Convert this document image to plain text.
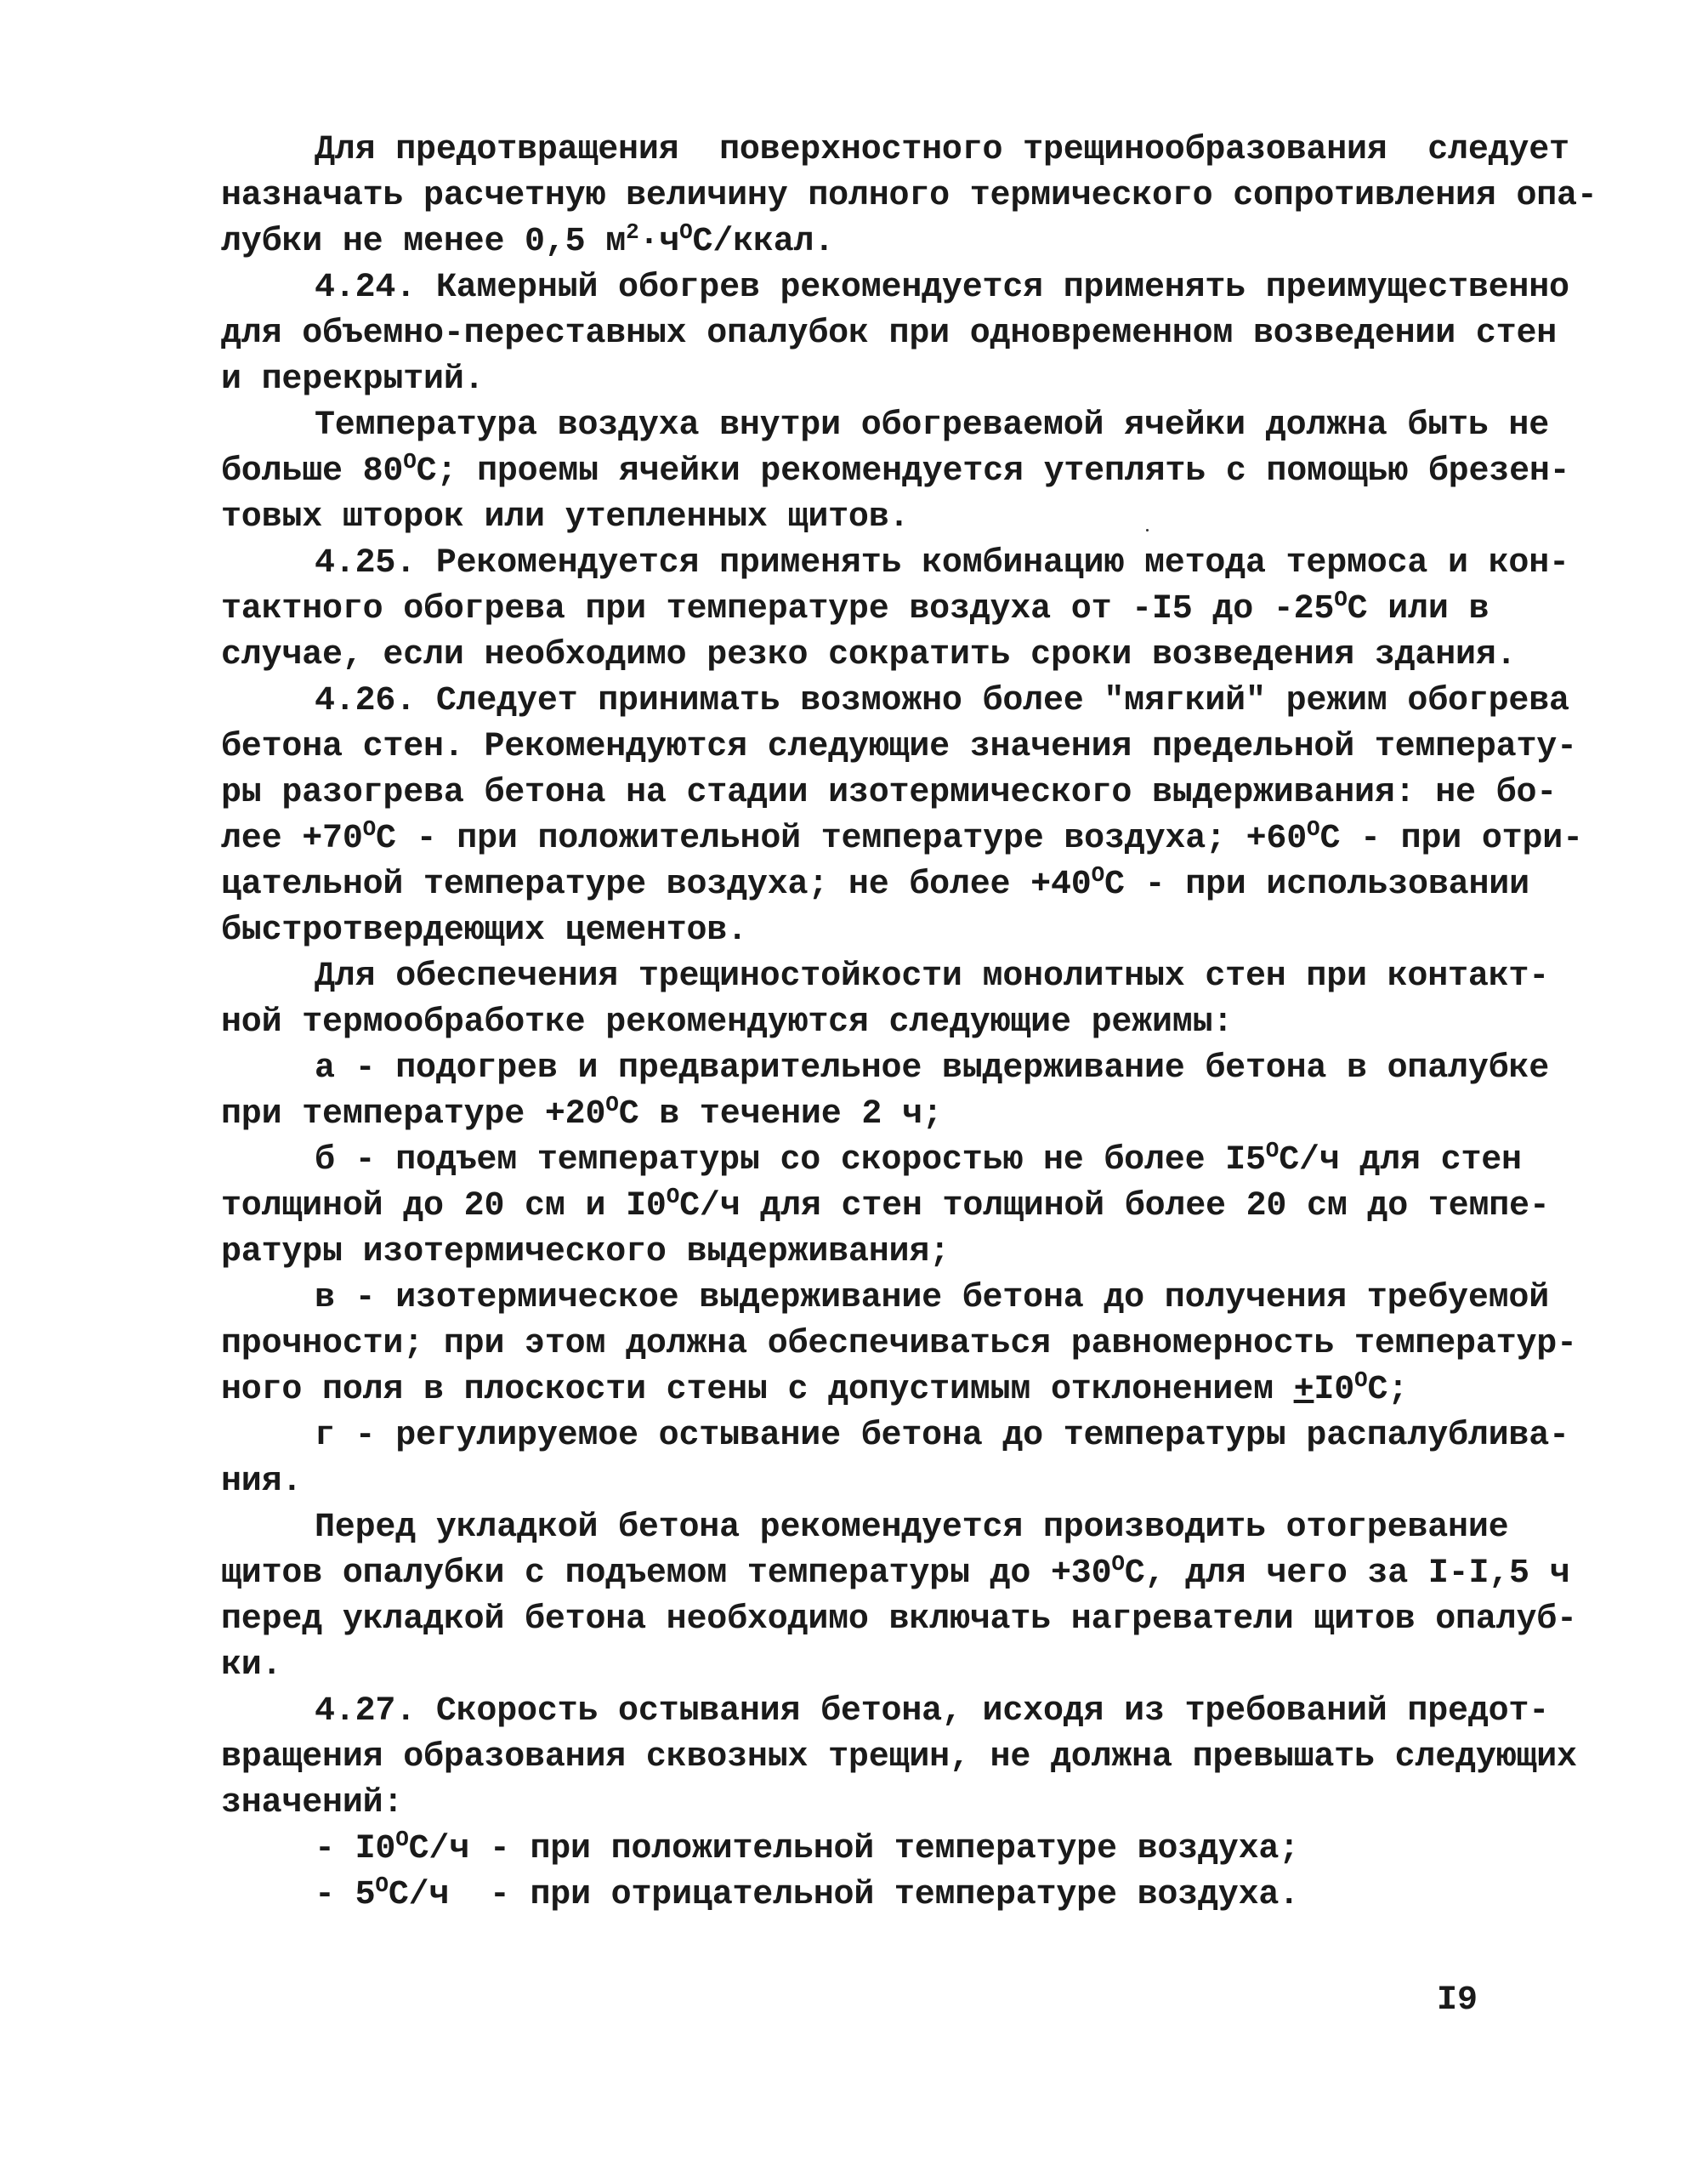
Для предотвращения  поверхностного трещинообразования  следует
назначать расчетную величину полного термического сопротивления опа-
лубки не менее 0,5 $м^2\cdot ч^ОС$/ккал.
4.24. Камерный обогрев рекомендуется применять преимущественно
для объемно-переставных опалубок при одновременном возведении стен
и перекрытий.
Температура воздуха внутри обогреваемой ячейки должна быть не
больше $80^ОС$; проемы ячейки рекомендуется утеплять с помощью брезен-
товых шторок или утепленных щитов.
4.25. Рекомендуется применять комбинацию метода термоса и кон-
тактного обогрева при температуре воздуха от -I5 до $-25^ОС$ или в
случае, если необходимо резко сократить сроки возведения здания.
4.26. Следует принимать возможно более "мягкий" режим обогрева
бетона стен. Рекомендуются следующие значения предельной температу-
ры разогрева бетона на стадии изотермического выдерживания: не бо-
лее $+70^ОС$ - при положительной температуре воздуха; $+60^ОС$ - при отри-
цательной температуре воздуха; не более $+40^ОС$ - при использовании
быстротвердеющих цементов.
Для обеспечения трещиностойкости монолитных стен при контакт-
ной термообработке рекомендуются следующие режимы:
а - подогрев и предварительное выдерживание бетона в опалубке
при температуре $+20^ОС$ в течение 2 ч;
б - подъем температуры со скоростью не более $I5^ОС/ч$ для стен
толщиной до 20 см и $I0^ОС/ч$ для стен толщиной более 20 см до темпе-
ратуры изотермического выдерживания;
в - изотермическое выдерживание бетона до получения требуемой
прочности; при этом должна обеспечиваться равномерность температур-
ного поля в плоскости стены с допустимым отклонением $+I0^ОС$;
г - регулируемое остывание бетона до температуры распалублива-
ния.
Перед укладкой бетона рекомендуется производить отогревание
щитов опалубки с подъемом температуры до $+30^ОС$, для чего за I-I,5 ч
перед укладкой бетона необходимо включать нагреватели щитов опалуб-
ки.
4.27. Скорость остывания бетона, исходя из требований предот-
вращения образования сквозных трещин, не должна превышать следующих
значений:
- $I0^ОС/ч$ - при положительной температуре воздуха;
- $5^ОС/ч$  - при отрицательной температуре воздуха.
I9
